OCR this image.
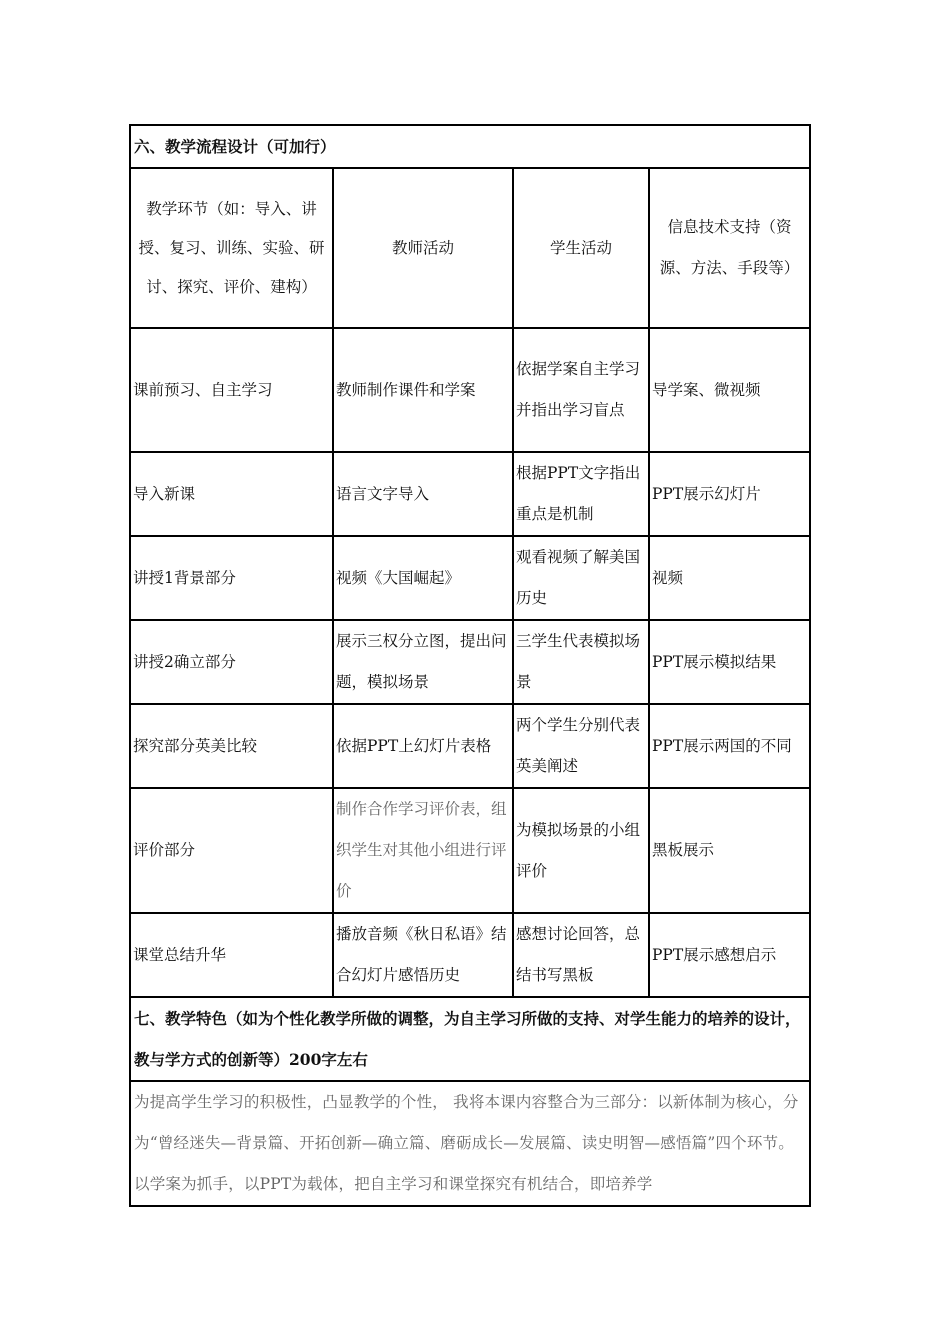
六、教学流程设计（可加行）			
教学环节（如：导入、讲授、复习、训练、实验、研讨、探究、评价、建构）	教师活动	学生活动	信息技术支持（资源、方法、手段等）
课前预习、自主学习	教师制作课件和学案	依据学案自主学习并指出学习盲点	导学案、微视频
导入新课	语言文字导入	根据PPT文字指出重点是机制	PPT展示幻灯片
讲授1背景部分	视频《大国崛起》	观看视频了解美国历史	视频
讲授2确立部分	展示三权分立图，提出问题，模拟场景	三学生代表模拟场景	PPT展示模拟结果
探究部分英美比较	依据PPT上幻灯片表格	两个学生分别代表英美阐述	PPT展示两国的不同
评价部分	制作合作学习评价表，组织学生对其他小组进行评价	为模拟场景的小组评价	黑板展示
课堂总结升华	播放音频《秋日私语》结合幻灯片感悟历史	感想讨论回答，总结书写黑板	PPT展示感想启示
七、教学特色（如为个性化教学所做的调整，为自主学习所做的支持、对学生能力的培养的设计，教与学方式的创新等）200字左右			
为提高学生学习的积极性，凸显教学的个性， 我将本课内容整合为三部分：以新体制为核心，分为“曾经迷失—背景篇、开拓创新—确立篇、磨砺成长—发展篇、读史明智—感悟篇”四个环节。以学案为抓手，以PPT为载体，把自主学习和课堂探究有机结合，即培养学			
